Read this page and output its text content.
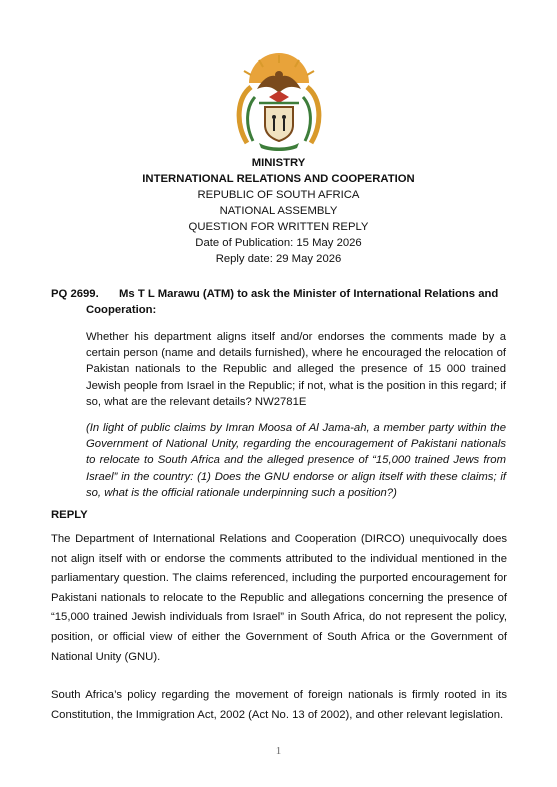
MINISTRY
INTERNATIONAL RELATIONS AND COOPERATION
REPUBLIC OF SOUTH AFRICA
NATIONAL ASSEMBLY
QUESTION FOR WRITTEN REPLY
Date of Publication: 15 May 2026
Reply date: 29 May 2026
PQ 2699. Ms T L Marawu (ATM) to ask the Minister of International Relations and
Cooperation:
Whether his department aligns itself and/or endorses the comments made by a certain person (name and details furnished), where he encouraged the relocation of Pakistan nationals to the Republic and alleged the presence of 15 000 trained Jewish people from Israel in the Republic; if not, what is the position in this regard; if so, what are the relevant details? NW2781E
(In light of public claims by Imran Moosa of Al Jama-ah, a member party within the Government of National Unity, regarding the encouragement of Pakistani nationals to relocate to South Africa and the alleged presence of “15,000 trained Jews from Israel” in the country: (1) Does the GNU endorse or align itself with these claims; if so, what is the official rationale underpinning such a position?)
REPLY
The Department of International Relations and Cooperation (DIRCO) unequivocally does not align itself with or endorse the comments attributed to the individual mentioned in the parliamentary question. The claims referenced, including the purported encouragement for Pakistani nationals to relocate to the Republic and allegations concerning the presence of “15,000 trained Jewish individuals from Israel” in South Africa, do not represent the policy, position, or official view of either the Government of South Africa or the Government of National Unity (GNU).
South Africa’s policy regarding the movement of foreign nationals is firmly rooted in its Constitution, the Immigration Act, 2002 (Act No. 13 of 2002), and other relevant legislation.
1
